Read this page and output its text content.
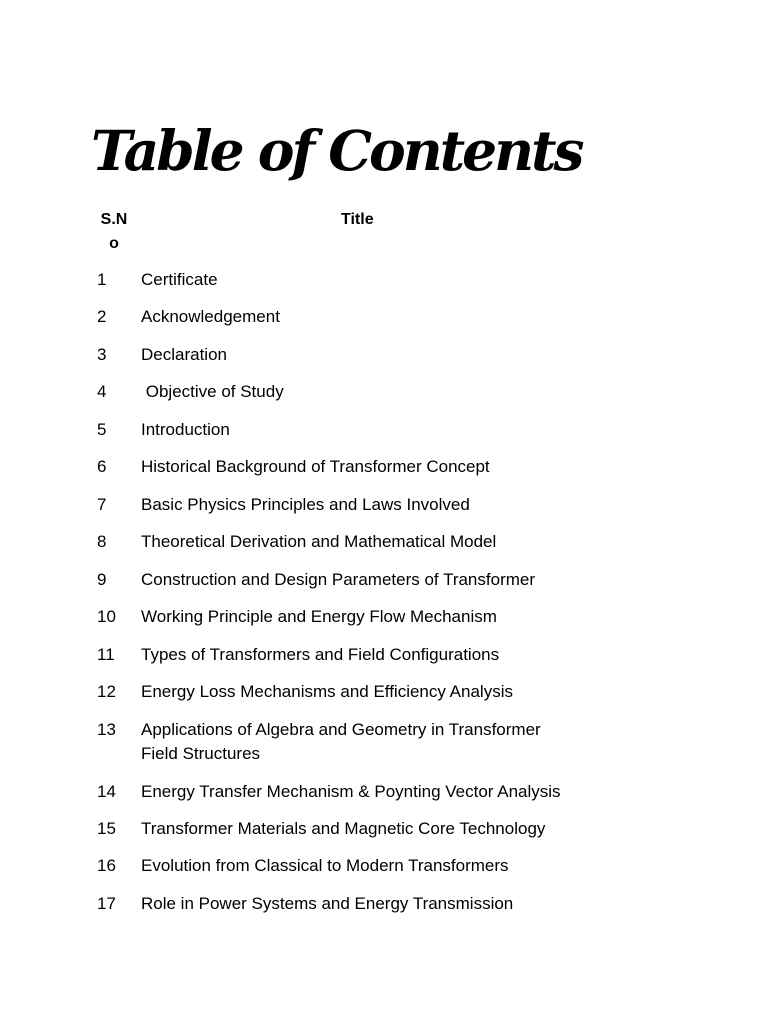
Table of Contents
S.No
Title
1 Certificate
2 Acknowledgement
3 Declaration
4 Objective of Study
5 Introduction
6 Historical Background of Transformer Concept
7 Basic Physics Principles and Laws Involved
8 Theoretical Derivation and Mathematical Model
9 Construction and Design Parameters of Transformer
10 Working Principle and Energy Flow Mechanism
11 Types of Transformers and Field Configurations
12 Energy Loss Mechanisms and Efficiency Analysis
13 Applications of Algebra and Geometry in Transformer
Field Structures
14 Energy Transfer Mechanism & Poynting Vector Analysis
15 Transformer Materials and Magnetic Core Technology
16 Evolution from Classical to Modern Transformers
17 Role in Power Systems and Energy Transmission
